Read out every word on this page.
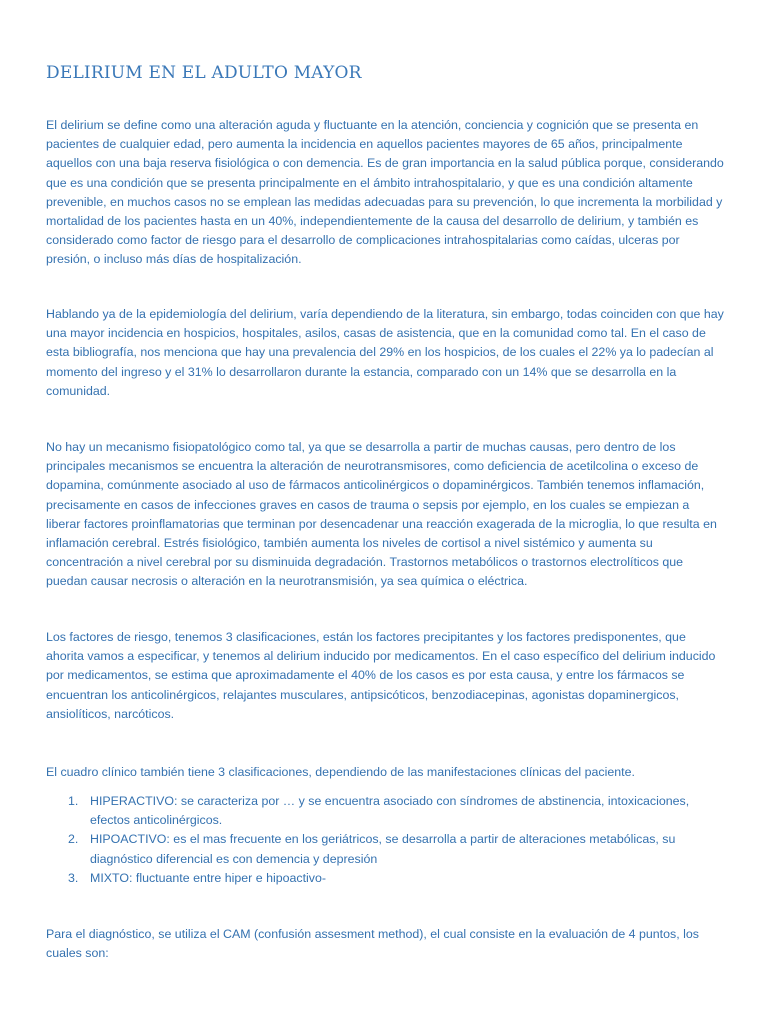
DELIRIUM EN EL ADULTO MAYOR

El delirium se define como una alteración aguda y fluctuante en la atención, conciencia y cognición que se presenta en pacientes de cualquier edad, pero aumenta la incidencia en aquellos pacientes mayores de 65 años, principalmente aquellos con una baja reserva fisiológica o con demencia. Es de gran importancia en la salud pública porque, considerando que es una condición que se presenta principalmente en el ámbito intrahospitalario, y que es una condición altamente prevenible, en muchos casos no se emplean las medidas adecuadas para su prevención, lo que incrementa la morbilidad y mortalidad de los pacientes hasta en un 40%, independientemente de la causa del desarrollo de delirium, y también es considerado como factor de riesgo para el desarrollo de complicaciones intrahospitalarias como caídas, ulceras por presión, o incluso más días de hospitalización.

Hablando ya de la epidemiología del delirium, varía dependiendo de la literatura, sin embargo, todas coinciden con que hay una mayor incidencia en hospicios, hospitales, asilos, casas de asistencia, que en la comunidad como tal. En el caso de esta bibliografía, nos menciona que hay una prevalencia del 29% en los hospicios, de los cuales el 22% ya lo padecían al momento del ingreso y el 31% lo desarrollaron durante la estancia, comparado con un 14% que se desarrolla en la comunidad.

No hay un mecanismo fisiopatológico como tal, ya que se desarrolla a partir de muchas causas, pero dentro de los principales mecanismos se encuentra la alteración de neurotransmisores, como deficiencia de acetilcolina o exceso de dopamina, comúnmente asociado al uso de fármacos anticolinérgicos o dopaminérgicos. También tenemos inflamación, precisamente en casos de infecciones graves en casos de trauma o sepsis por ejemplo, en los cuales se empiezan a liberar factores proinflamatorias que terminan por desencadenar una reacción exagerada de la microglia, lo que resulta en inflamación cerebral. Estrés fisiológico, también aumenta los niveles de cortisol a nivel sistémico y aumenta su concentración a nivel cerebral por su disminuida degradación. Trastornos metabólicos o trastornos electrolíticos que puedan causar necrosis o alteración en la neurotransmisión, ya sea química o eléctrica.

Los factores de riesgo, tenemos 3 clasificaciones, están los factores precipitantes y los factores predisponentes, que ahorita vamos a especificar, y tenemos al delirium inducido por medicamentos. En el caso específico del delirium inducido por medicamentos, se estima que aproximadamente el 40% de los casos es por esta causa, y entre los fármacos se encuentran los anticolinérgicos, relajantes musculares, antipsicóticos, benzodiacepinas, agonistas dopaminergicos, ansiolíticos, narcóticos.

El cuadro clínico también tiene 3 clasificaciones, dependiendo de las manifestaciones clínicas del paciente.

1. HIPERACTIVO: se caracteriza por … y se encuentra asociado con síndromes de abstinencia, intoxicaciones, efectos anticolinérgicos.
2. HIPOACTIVO: es el mas frecuente en los geriátricos, se desarrolla a partir de alteraciones metabólicas, su diagnóstico diferencial es con demencia y depresión
3. MIXTO: fluctuante entre hiper e hipoactivo-

Para el diagnóstico, se utiliza el CAM (confusión assesment method), el cual consiste en la evaluación de 4 puntos, los cuales son:
